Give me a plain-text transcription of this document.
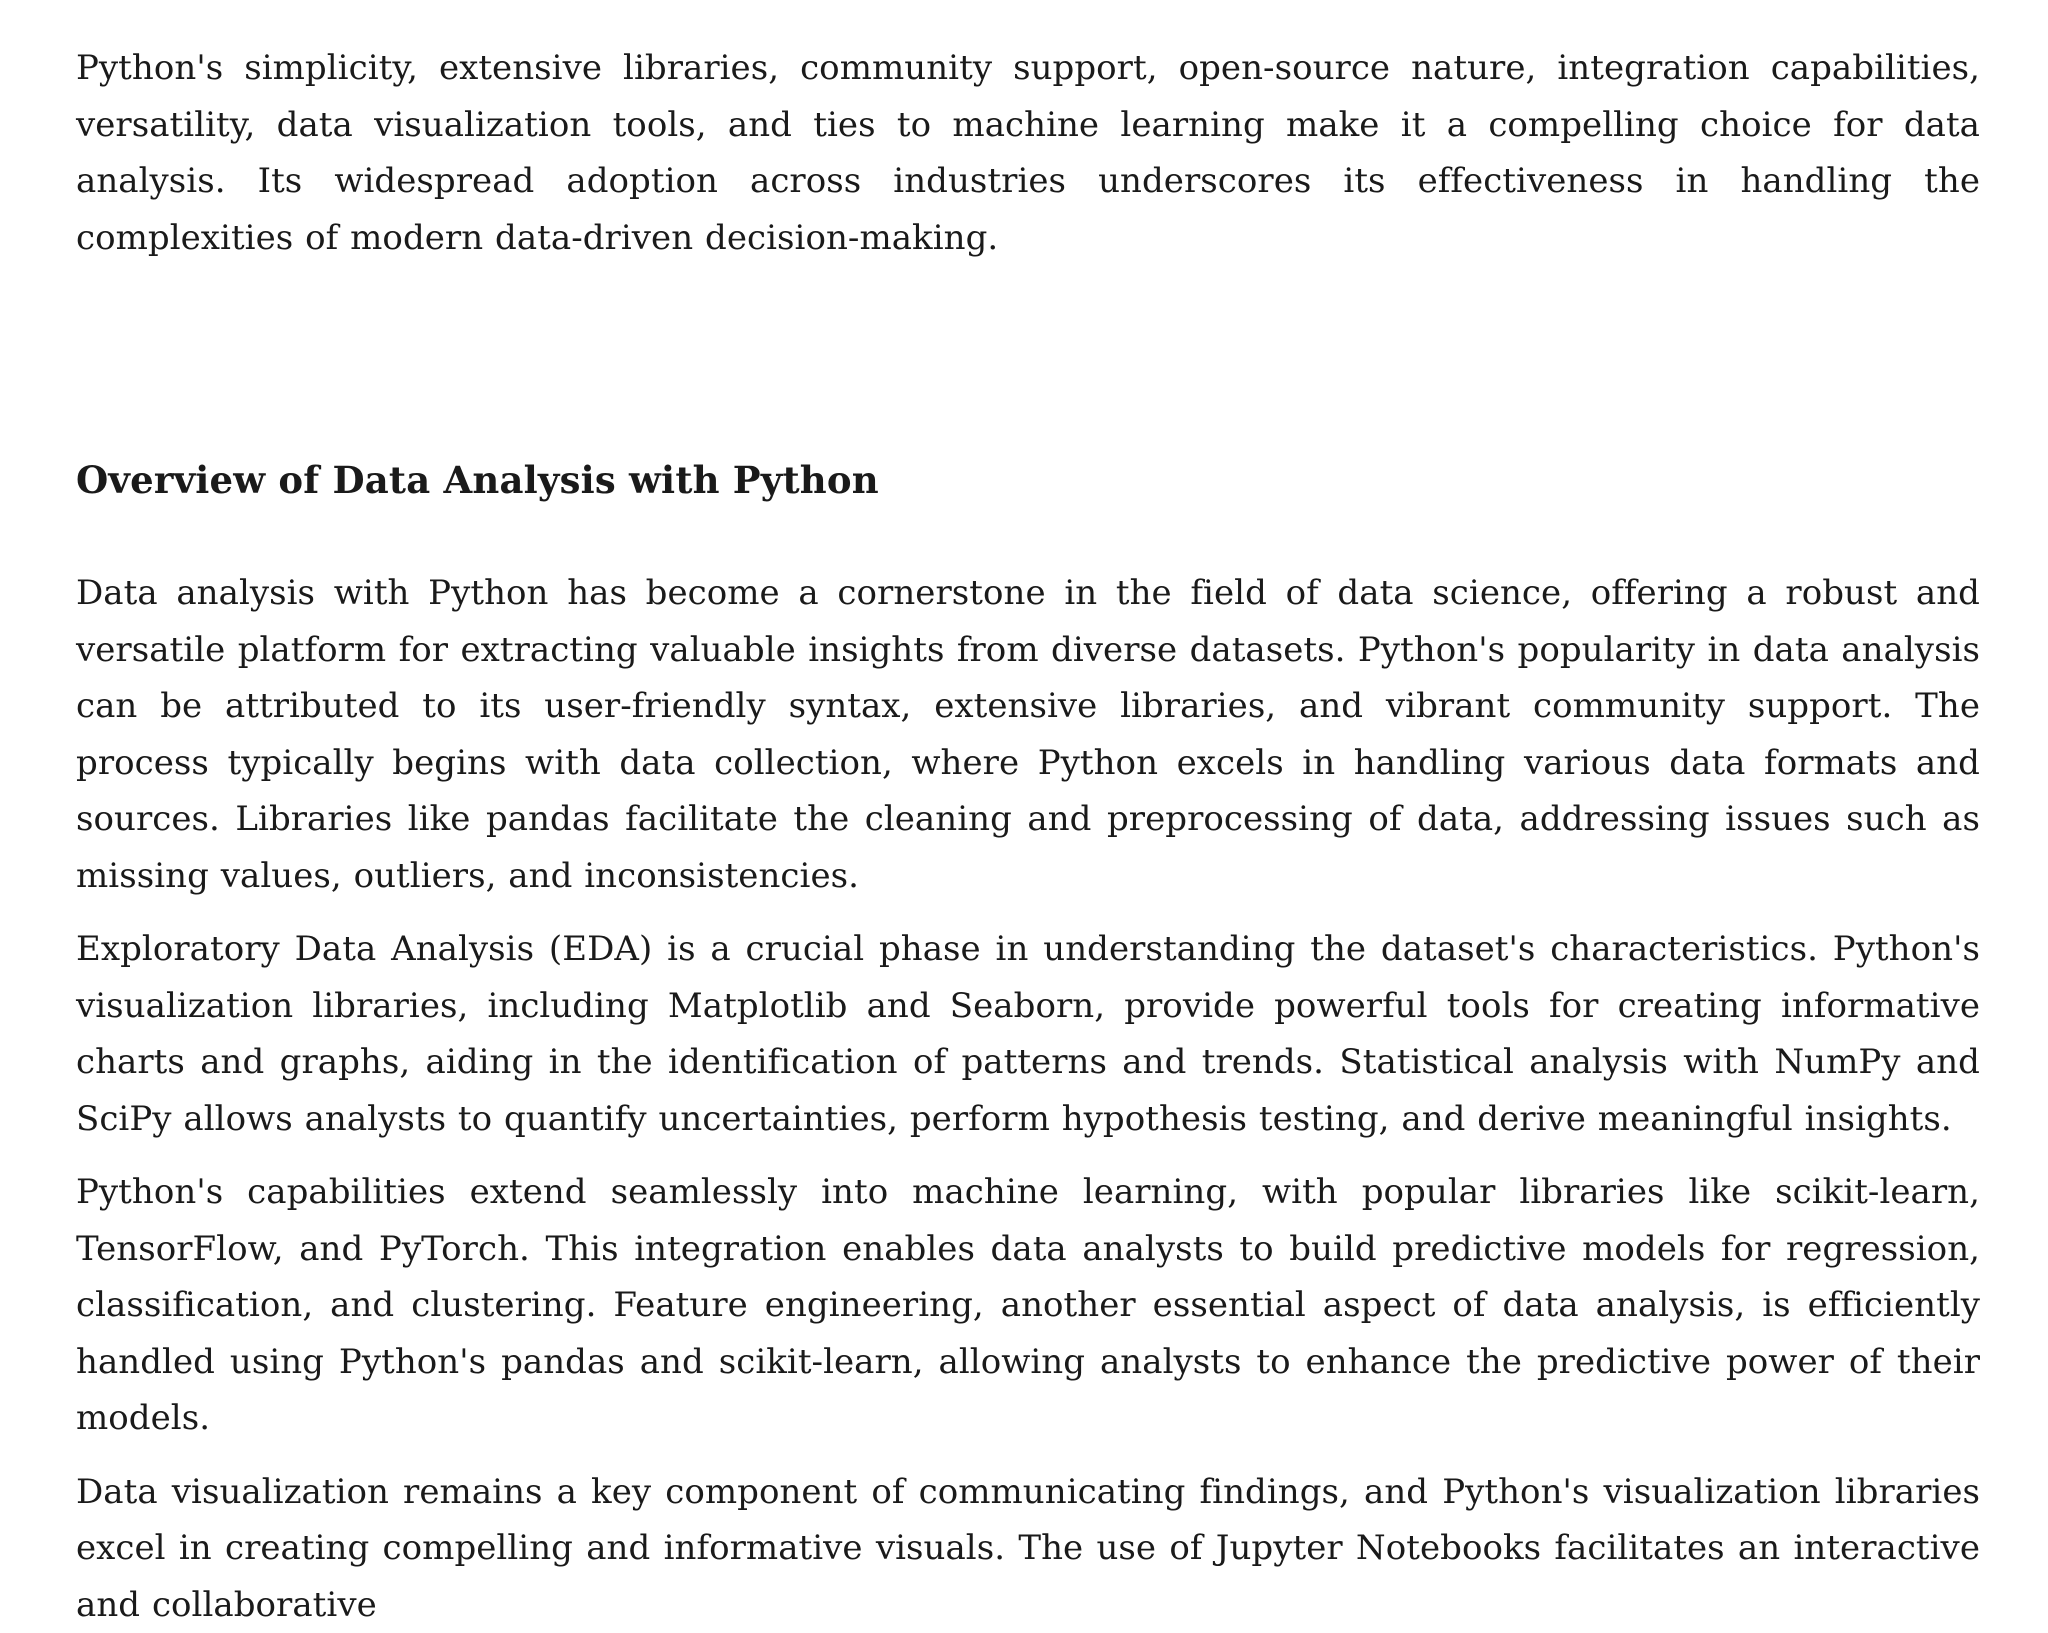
Python's simplicity, extensive libraries, community support, open-source nature, integration capabilities, versatility, data visualization tools, and ties to machine learning make it a compelling choice for data analysis. Its widespread adoption across industries underscores its effectiveness in handling the complexities of modern data-driven decision-making.

Overview of Data Analysis with Python

Data analysis with Python has become a cornerstone in the field of data science, offering a robust and versatile platform for extracting valuable insights from diverse datasets. Python's popularity in data analysis can be attributed to its user-friendly syntax, extensive libraries, and vibrant community support. The process typically begins with data collection, where Python excels in handling various data formats and sources. Libraries like pandas facilitate the cleaning and preprocessing of data, addressing issues such as missing values, outliers, and inconsistencies.

Exploratory Data Analysis (EDA) is a crucial phase in understanding the dataset's characteristics. Python's visualization libraries, including Matplotlib and Seaborn, provide powerful tools for creating informative charts and graphs, aiding in the identification of patterns and trends. Statistical analysis with NumPy and SciPy allows analysts to quantify uncertainties, perform hypothesis testing, and derive meaningful insights.

Python's capabilities extend seamlessly into machine learning, with popular libraries like scikit-learn, TensorFlow, and PyTorch. This integration enables data analysts to build predictive models for regression, classification, and clustering. Feature engineering, another essential aspect of data analysis, is efficiently handled using Python's pandas and scikit-learn, allowing analysts to enhance the predictive power of their models.

Data visualization remains a key component of communicating findings, and Python's visualization libraries excel in creating compelling and informative visuals. The use of Jupyter Notebooks facilitates an interactive and collaborative
